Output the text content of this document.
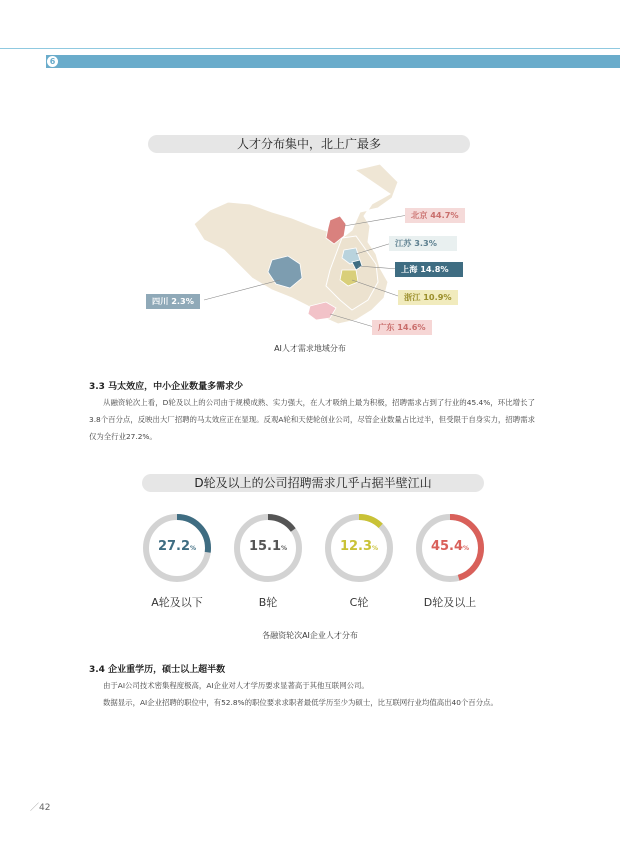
6
人才分布集中，北上广最多
北京 44.7%
江苏 3.3%
上海 14.8%
浙江 10.9%
广东 14.6%
四川 2.3%
AI人才需求地域分布
3.3 马太效应，中小企业数量多需求少

从融资轮次上看，D轮及以上的公司由于规模成熟、实力强大，在人才吸纳上最为积极，招聘需求占到了行业的45.4%，环比增长了3.8个百分点，反映出大厂招聘的马太效应正在显现。反观A轮和天使轮创业公司，尽管企业数量占比过半，但受限于自身实力，招聘需求仅为全行业27.2%。

D轮及以上的公司招聘需求几乎占据半壁江山
27.2%
A轮及以下
15.1%
B轮
12.3%
C轮
45.4%
D轮及以上
各融资轮次AI企业人才分布
3.4 企业重学历，硕士以上超半数

由于AI公司技术密集程度极高，AI企业对人才学历要求显著高于其他互联网公司。

数据显示，AI企业招聘的职位中，有52.8%的职位要求求职者最低学历至少为硕士，比互联网行业均值高出40个百分点。

／42
